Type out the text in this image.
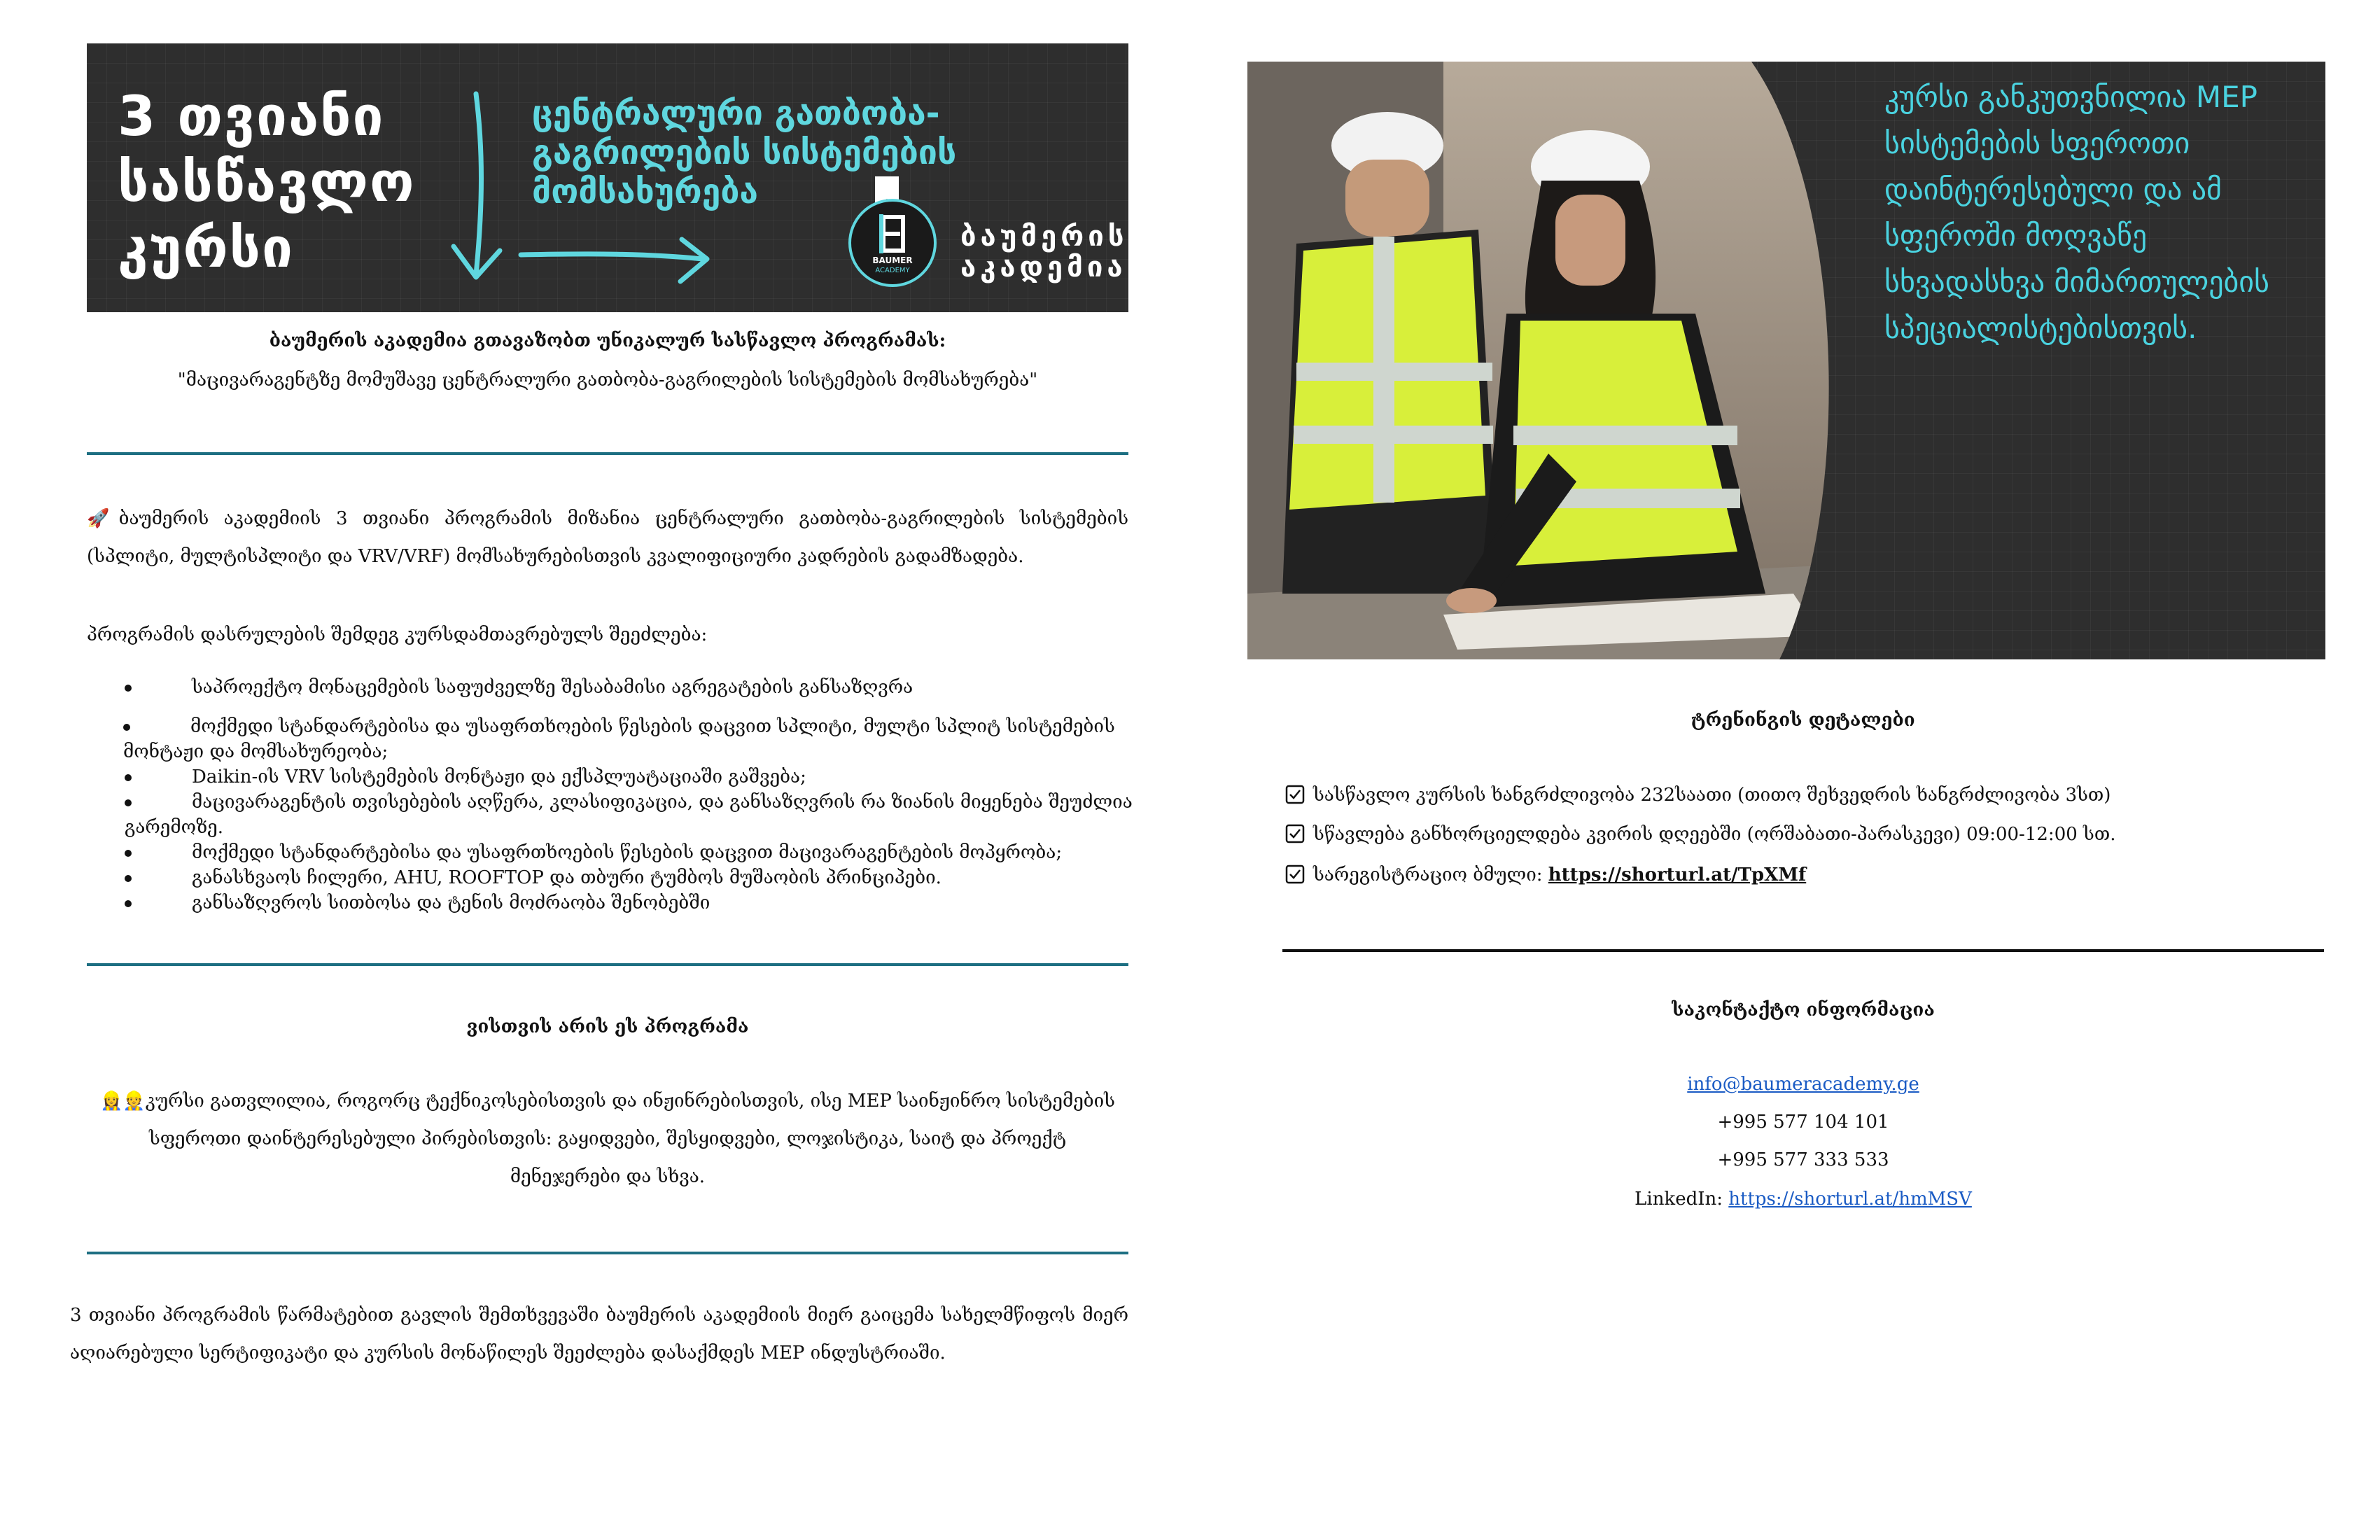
3 თვიანი
სასწავლო
კურსი
ცენტრალური გათბობა-
გაგრილების სისტემების
მომსახურება
BAUMER
ACADEMY
ბაუმერის
აკადემია
ბაუმერის აკადემია გთავაზობთ უნიკალურ სასწავლო პროგრამას:
"მაცივარაგენტზე მომუშავე ცენტრალური გათბობა-გაგრილების სისტემების მომსახურება"
🚀ბაუმერის აკადემიის 3 თვიანი პროგრამის მიზანია ცენტრალური გათბობა-გაგრილების სისტემების (სპლიტი, მულტისპლიტი და VRV/VRF) მომსახურებისთვის კვალიფიციური კადრების გადამზადება.
პროგრამის დასრულების შემდეგ კურსდამთავრებულს შეეძლება:
საპროექტო მონაცემების საფუძველზე შესაბამისი აგრეგატების განსაზღვრა
მოქმედი სტანდარტებისა და უსაფრთხოების წესების დაცვით სპლიტი, მულტი სპლიტ სისტემების მონტაჟი და მომსახურეობა;
Daikin-ის VRV სისტემების მონტაჟი და ექსპლუატაციაში გაშვება;
მაცივარაგენტის თვისებების აღწერა, კლასიფიკაცია, და განსაზღვრის რა ზიანის მიყენება შეუძლია გარემოზე.
მოქმედი სტანდარტებისა და უსაფრთხოების წესების დაცვით მაცივარაგენტების მოპყრობა;
განასხვაოს ჩილერი, AHU, ROOFTOP და თბური ტუმბოს მუშაობის პრინციპები.
განსაზღვროს სითბოსა და ტენის მოძრაობა შენობებში
ვისთვის არის ეს პროგრამა
👷‍♀️👷კურსი გათვლილია, როგორც ტექნიკოსებისთვის და ინჟინრებისთვის, ისე MEP საინჟინრო სისტემების სფეროთი დაინტერესებული პირებისთვის: გაყიდვები, შესყიდვები, ლოჯისტიკა, საიტ და პროექტ მენეჯერები და სხვა.
3 თვიანი პროგრამის წარმატებით გავლის შემთხვევაში ბაუმერის აკადემიის მიერ გაიცემა სახელმწიფოს მიერ აღიარებული სერტიფიკატი და კურსის მონაწილეს შეეძლება დასაქმდეს MEP ინდუსტრიაში.
კურსი განკუთვნილია MEP სისტემების სფეროთი დაინტერესებული და ამ სფეროში მოღვაწე სხვადასხვა მიმართულების სპეციალისტებისთვის.
ტრენინგის დეტალები
სასწავლო კურსის ხანგრძლივობა 232საათი (თითო შეხვედრის ხანგრძლივობა 3სთ)
სწავლება განხორციელდება კვირის დღეებში (ორშაბათი-პარასკევი) 09:00-12:00 სთ.
სარეგისტრაციო ბმული: https://shorturl.at/TpXMf
საკონტაქტო ინფორმაცია
info@baumeracademy.ge
+995 577 104 101
+995 577 333 533
LinkedIn: https://shorturl.at/hmMSV
